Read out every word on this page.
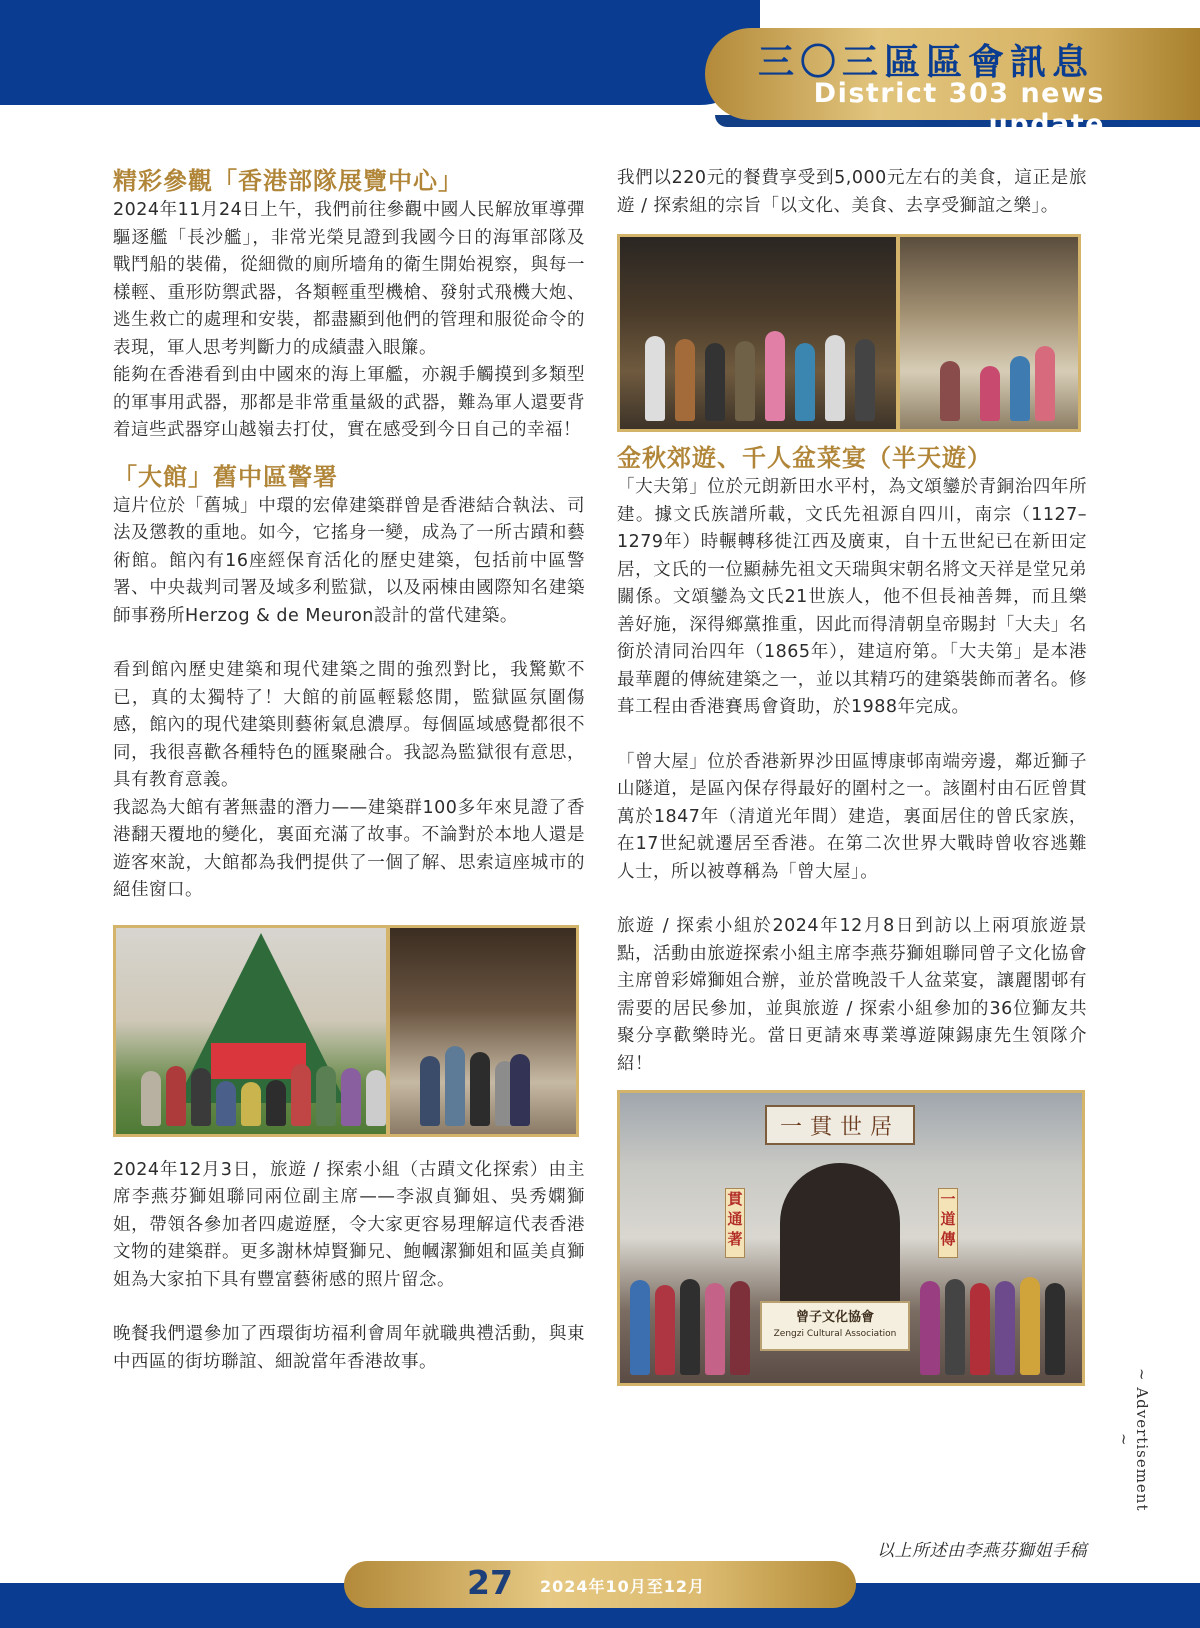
三〇三區區會訊息
District 303 news update
精彩參觀「香港部隊展覽中心」
2024年11月24日上午，我們前往參觀中國人民解放軍導彈驅逐艦「長沙艦」，非常光榮見證到我國今日的海軍部隊及戰鬥船的裝備，從細微的廁所墻角的衛生開始視察，與每一樣輕、重形防禦武器，各類輕重型機槍、發射式飛機大炮、逃生救亡的處理和安裝，都盡顯到他們的管理和服從命令的表現，軍人思考判斷力的成績盡入眼簾。
能夠在香港看到由中國來的海上軍艦，亦親手觸摸到多類型的軍事用武器，那都是非常重量級的武器，難為軍人還要背着這些武器穿山越嶺去打仗，實在感受到今日自己的幸福！
「大館」舊中區警署
這片位於「舊城」中環的宏偉建築群曾是香港結合執法、司法及懲教的重地。如今，它搖身一變，成為了一所古蹟和藝術館。館內有16座經保育活化的歷史建築，包括前中區警署、中央裁判司署及域多利監獄，以及兩棟由國際知名建築師事務所Herzog & de Meuron設計的當代建築。
看到館內歷史建築和現代建築之間的強烈對比，我驚歎不已，真的太獨特了！大館的前區輕鬆悠閒，監獄區氛圍傷感，館內的現代建築則藝術氣息濃厚。每個區域感覺都很不同，我很喜歡各種特色的匯聚融合。我認為監獄很有意思，具有教育意義。
我認為大館有著無盡的潛力——建築群100多年來見證了香港翻天覆地的變化，裏面充滿了故事。不論對於本地人還是遊客來說，大館都為我們提供了一個了解、思索這座城市的絕佳窗口。
2024年12月3日，旅遊 / 探索小組（古蹟文化探索）由主席李燕芬獅姐聯同兩位副主席——李淑貞獅姐、吳秀嫻獅姐，帶領各參加者四處遊歷，令大家更容易理解這代表香港文物的建築群。更多謝林焯賢獅兄、鮑幗潔獅姐和區美貞獅姐為大家拍下具有豐富藝術感的照片留念。
晚餐我們還參加了西環街坊福利會周年就職典禮活動，與東中西區的街坊聯誼、細說當年香港故事。
我們以220元的餐費享受到5,000元左右的美食，這正是旅遊 / 探索組的宗旨「以文化、美食、去享受獅誼之樂」。
金秋郊遊、千人盆菜宴（半天遊）
「大夫第」位於元朗新田水平村，為文頌鑾於青銅治四年所建。據文氏族譜所載，文氏先祖源自四川，南宗（1127–1279年）時輾轉移徙江西及廣東，自十五世紀已在新田定居，文氏的一位顯赫先祖文天瑞與宋朝名將文天祥是堂兄弟關係。文頌鑾為文氏21世族人，他不但長袖善舞，而且樂善好施，深得鄉黨推重，因此而得清朝皇帝賜封「大夫」名銜於清同治四年（1865年），建這府第。「大夫第」是本港最華麗的傳統建築之一，並以其精巧的建築裝飾而著名。修葺工程由香港賽馬會資助，於1988年完成。
「曾大屋」位於香港新界沙田區博康邨南端旁邊，鄰近獅子山隧道，是區內保存得最好的圍村之一。該圍村由石匠曾貫萬於1847年（清道光年間）建造，裏面居住的曾氏家族，在17世紀就遷居至香港。在第二次世界大戰時曾收容逃難人士，所以被尊稱為「曾大屋」。
旅遊 / 探索小組於2024年12月8日到訪以上兩項旅遊景點，活動由旅遊探索小組主席李燕芬獅姐聯同曾子文化協會主席曾彩嫦獅姐合辦，並於當晚設千人盆菜宴，讓麗閣邨有需要的居民參加，並與旅遊 / 探索小組參加的36位獅友共聚分享歡樂時光。當日更請來專業導遊陳錫康先生領隊介紹！
一貫世居
貫通著
一道傳
曾子文化協會
Zengzi Cultural Association
以上所述由李燕芬獅姐手稿
~ Advertisement ~
27	2024年10月至12月
